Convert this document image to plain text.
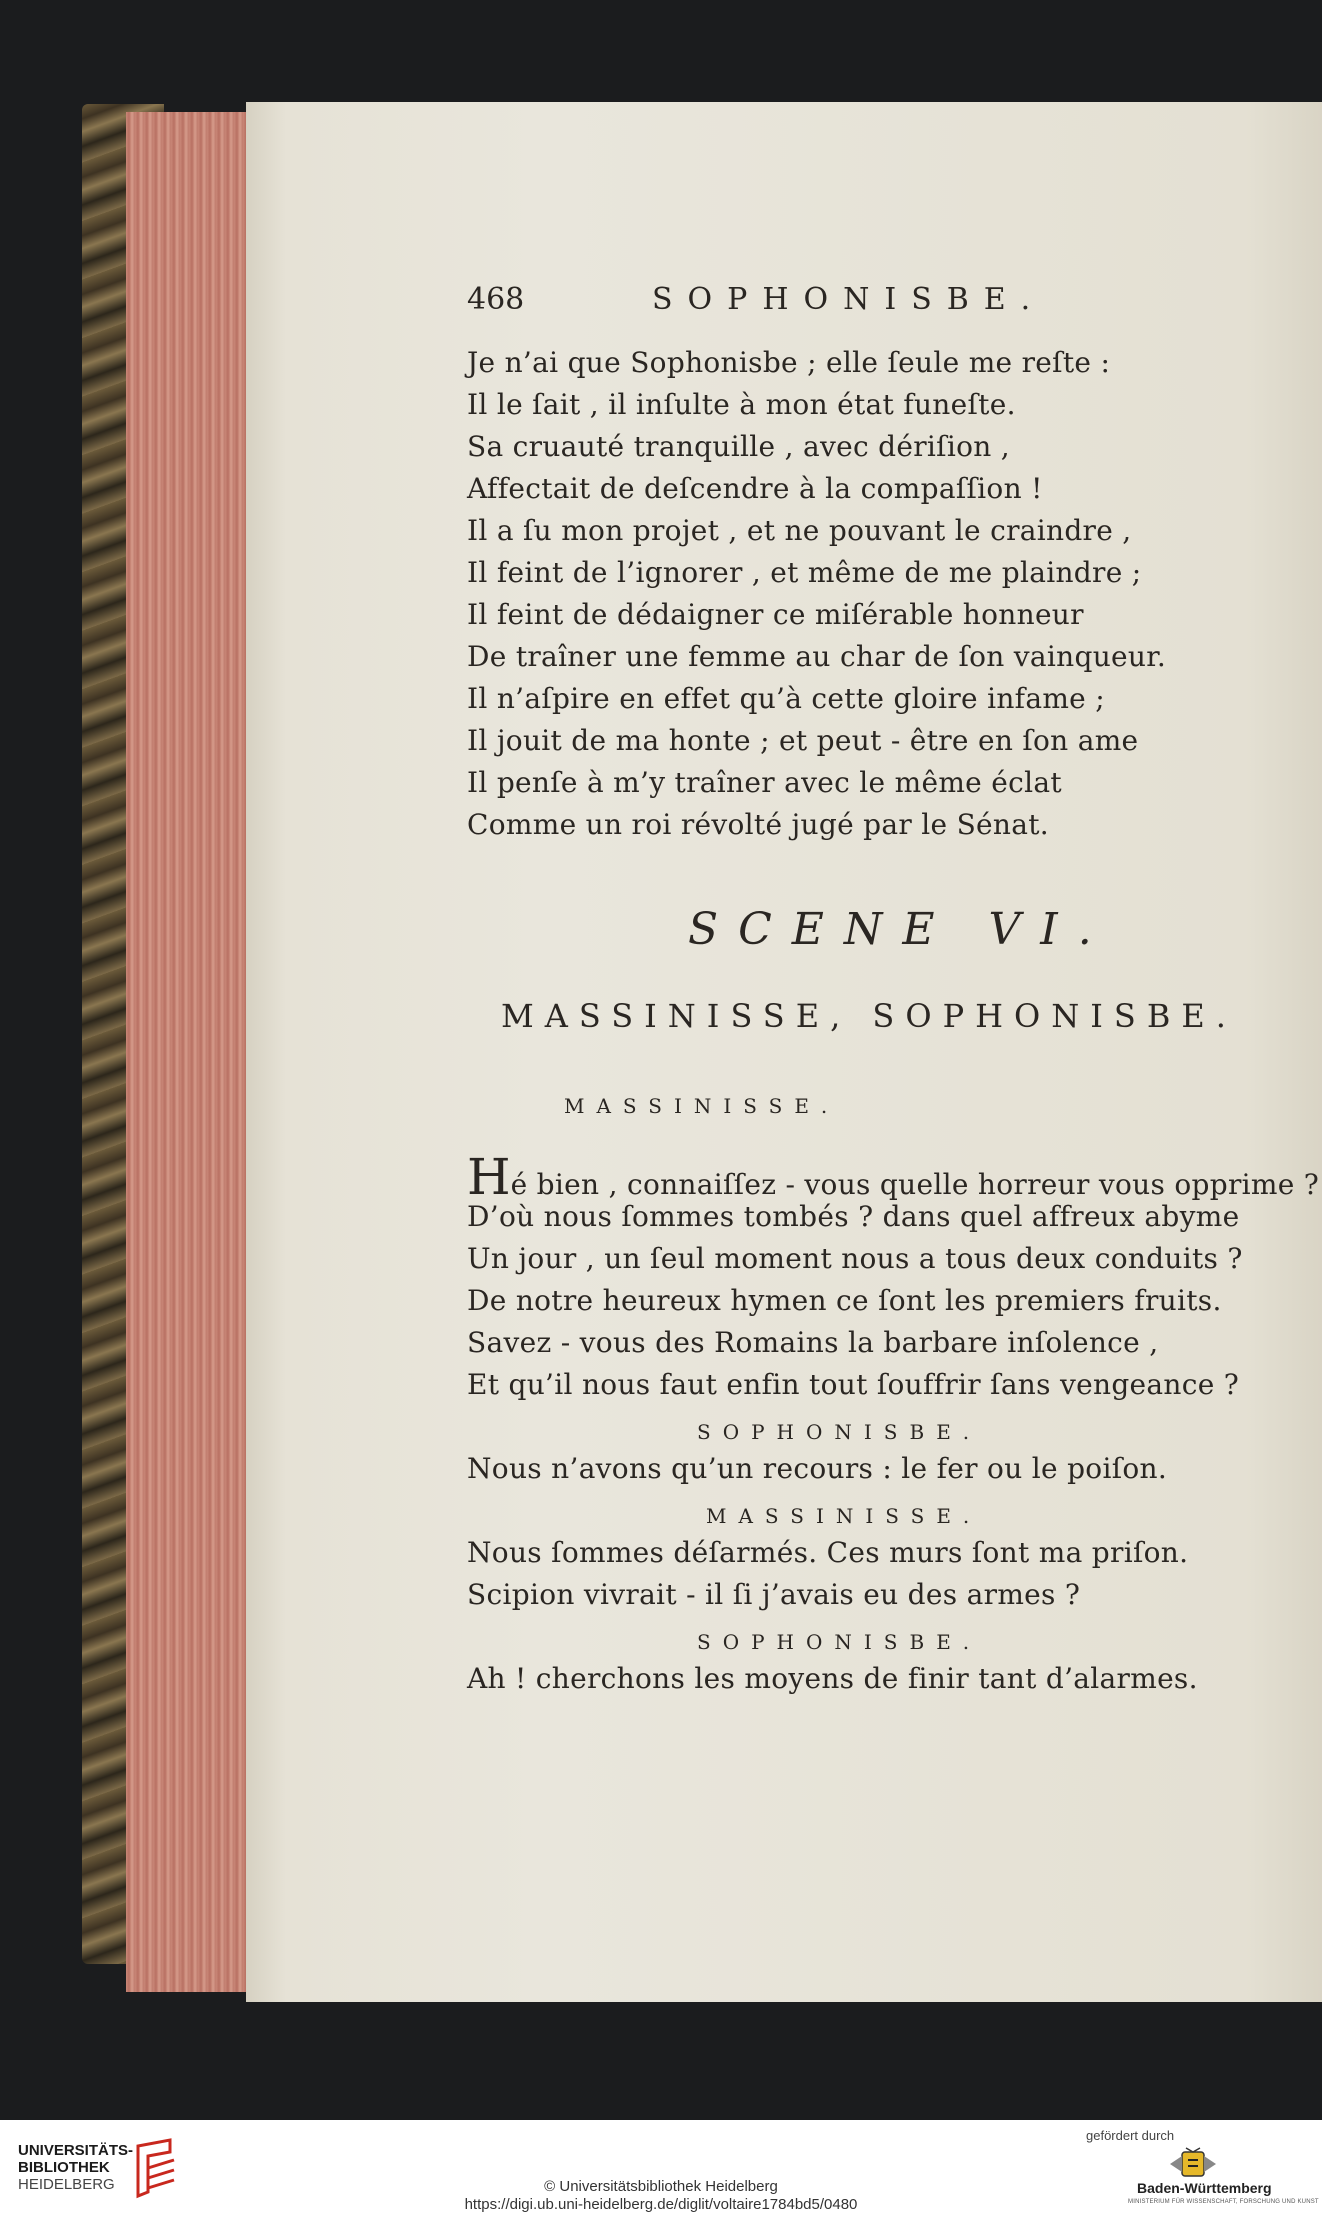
468	SOPHONISBE.
Je n’ai que Sophonisbe ; elle ſeule me reſte :
Il le ſait , il inſulte à mon état funeſte.
Sa cruauté tranquille , avec dériſion ,
Affectait de deſcendre à la compaſſion !
Il a ſu mon projet , et ne pouvant le craindre ,
Il feint de l’ignorer , et même de me plaindre ;
Il feint de dédaigner ce miſérable honneur
De traîner une femme au char de ſon vainqueur.
Il n’aſpire en effet qu’à cette gloire infame ;
Il jouit de ma honte ; et peut - être en ſon ame
Il penſe à m’y traîner avec le même éclat
Comme un roi révolté jugé par le Sénat.
SCENE VI.
MASSINISSE, SOPHONISBE.
MASSINISSE.
Hé bien , connaiſſez - vous quelle horreur vous opprime ?
D’où nous ſommes tombés ? dans quel affreux abyme
Un jour , un ſeul moment nous a tous deux conduits ?
De notre heureux hymen ce ſont les premiers fruits.
Savez - vous des Romains la barbare inſolence ,
Et qu’il nous faut enfin tout ſouffrir ſans vengeance ?
SOPHONISBE.
Nous n’avons qu’un recours : le fer ou le poiſon.
MASSINISSE.
Nous ſommes déſarmés. Ces murs ſont ma priſon.
Scipion vivrait - il ſi j’avais eu des armes ?
SOPHONISBE.
Ah ! cherchons les moyens de finir tant d’alarmes.
UNIVERSITÄTS-
BIBLIOTHEK
HEIDELBERG	© Universitätsbibliothek Heidelberg
https://digi.ub.uni-heidelberg.de/diglit/voltaire1784bd5/0480
gefördert durch
Baden-Württemberg
MINISTERIUM FÜR WISSENSCHAFT, FORSCHUNG UND KUNST
